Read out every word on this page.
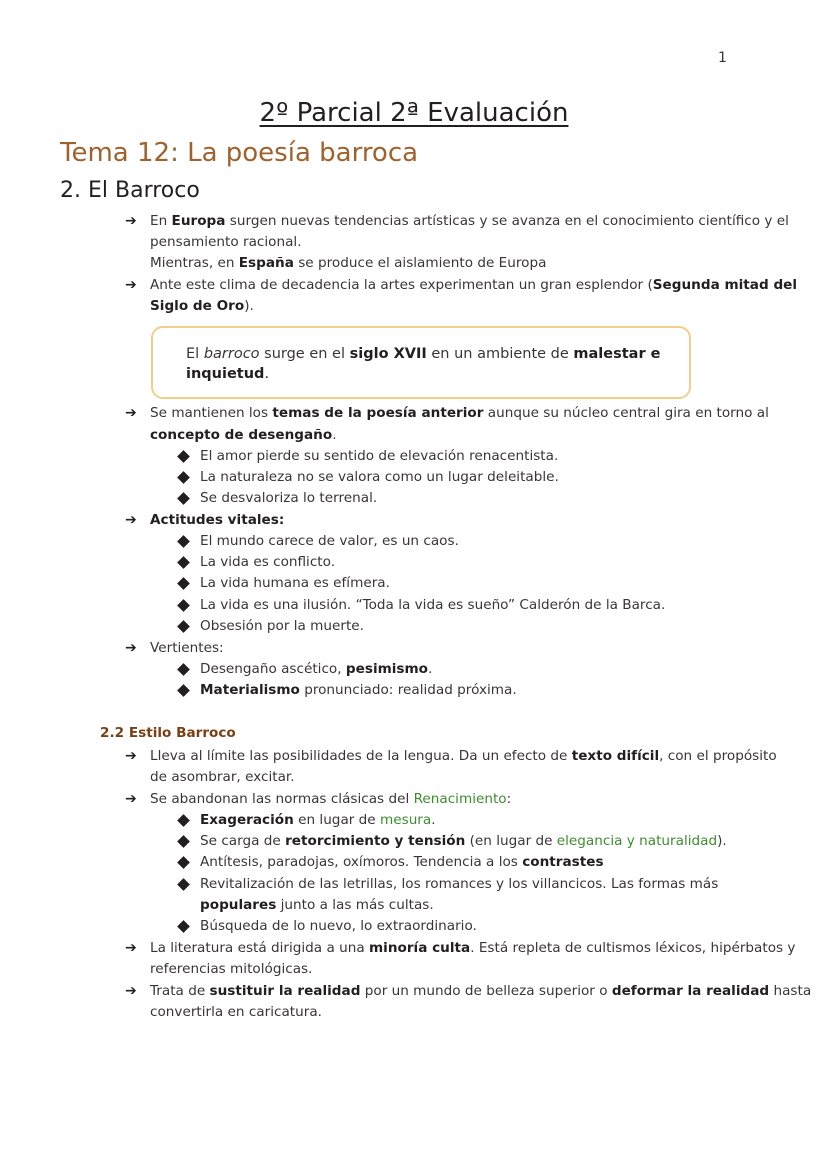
1
2º Parcial 2ª Evaluación
Tema 12: La poesía barroca
2. El Barroco
➔ En Europa surgen nuevas tendencias artísticas y se avanza en el conocimiento científico y el
pensamiento racional.
Mientras, en España se produce el aislamiento de Europa
➔ Ante este clima de decadencia la artes experimentan un gran esplendor (Segunda mitad del
Siglo de Oro).
El barroco surge en el siglo XVII en un ambiente de malestar e
inquietud.
➔ Se mantienen los temas de la poesía anterior aunque su núcleo central gira en torno al
concepto de desengaño.
El amor pierde su sentido de elevación renacentista.
La naturaleza no se valora como un lugar deleitable.
Se desvaloriza lo terrenal.
➔ Actitudes vitales:
El mundo carece de valor, es un caos.
La vida es conflicto.
La vida humana es efímera.
La vida es una ilusión. “Toda la vida es sueño” Calderón de la Barca.
Obsesión por la muerte.
➔ Vertientes:
Desengaño ascético, pesimismo.
Materialismo pronunciado: realidad próxima.
2.2 Estilo Barroco
➔ Lleva al límite las posibilidades de la lengua. Da un efecto de texto difícil, con el propósito
de asombrar, excitar.
➔ Se abandonan las normas clásicas del Renacimiento:
Exageración en lugar de mesura.
Se carga de retorcimiento y tensión (en lugar de elegancia y naturalidad).
Antítesis, paradojas, oxímoros. Tendencia a los contrastes
Revitalización de las letrillas, los romances y los villancicos. Las formas más
populares junto a las más cultas.
Búsqueda de lo nuevo, lo extraordinario.
➔ La literatura está dirigida a una minoría culta. Está repleta de cultismos léxicos, hipérbatos y
referencias mitológicas.
➔ Trata de sustituir la realidad por un mundo de belleza superior o deformar la realidad hasta
convertirla en caricatura.
